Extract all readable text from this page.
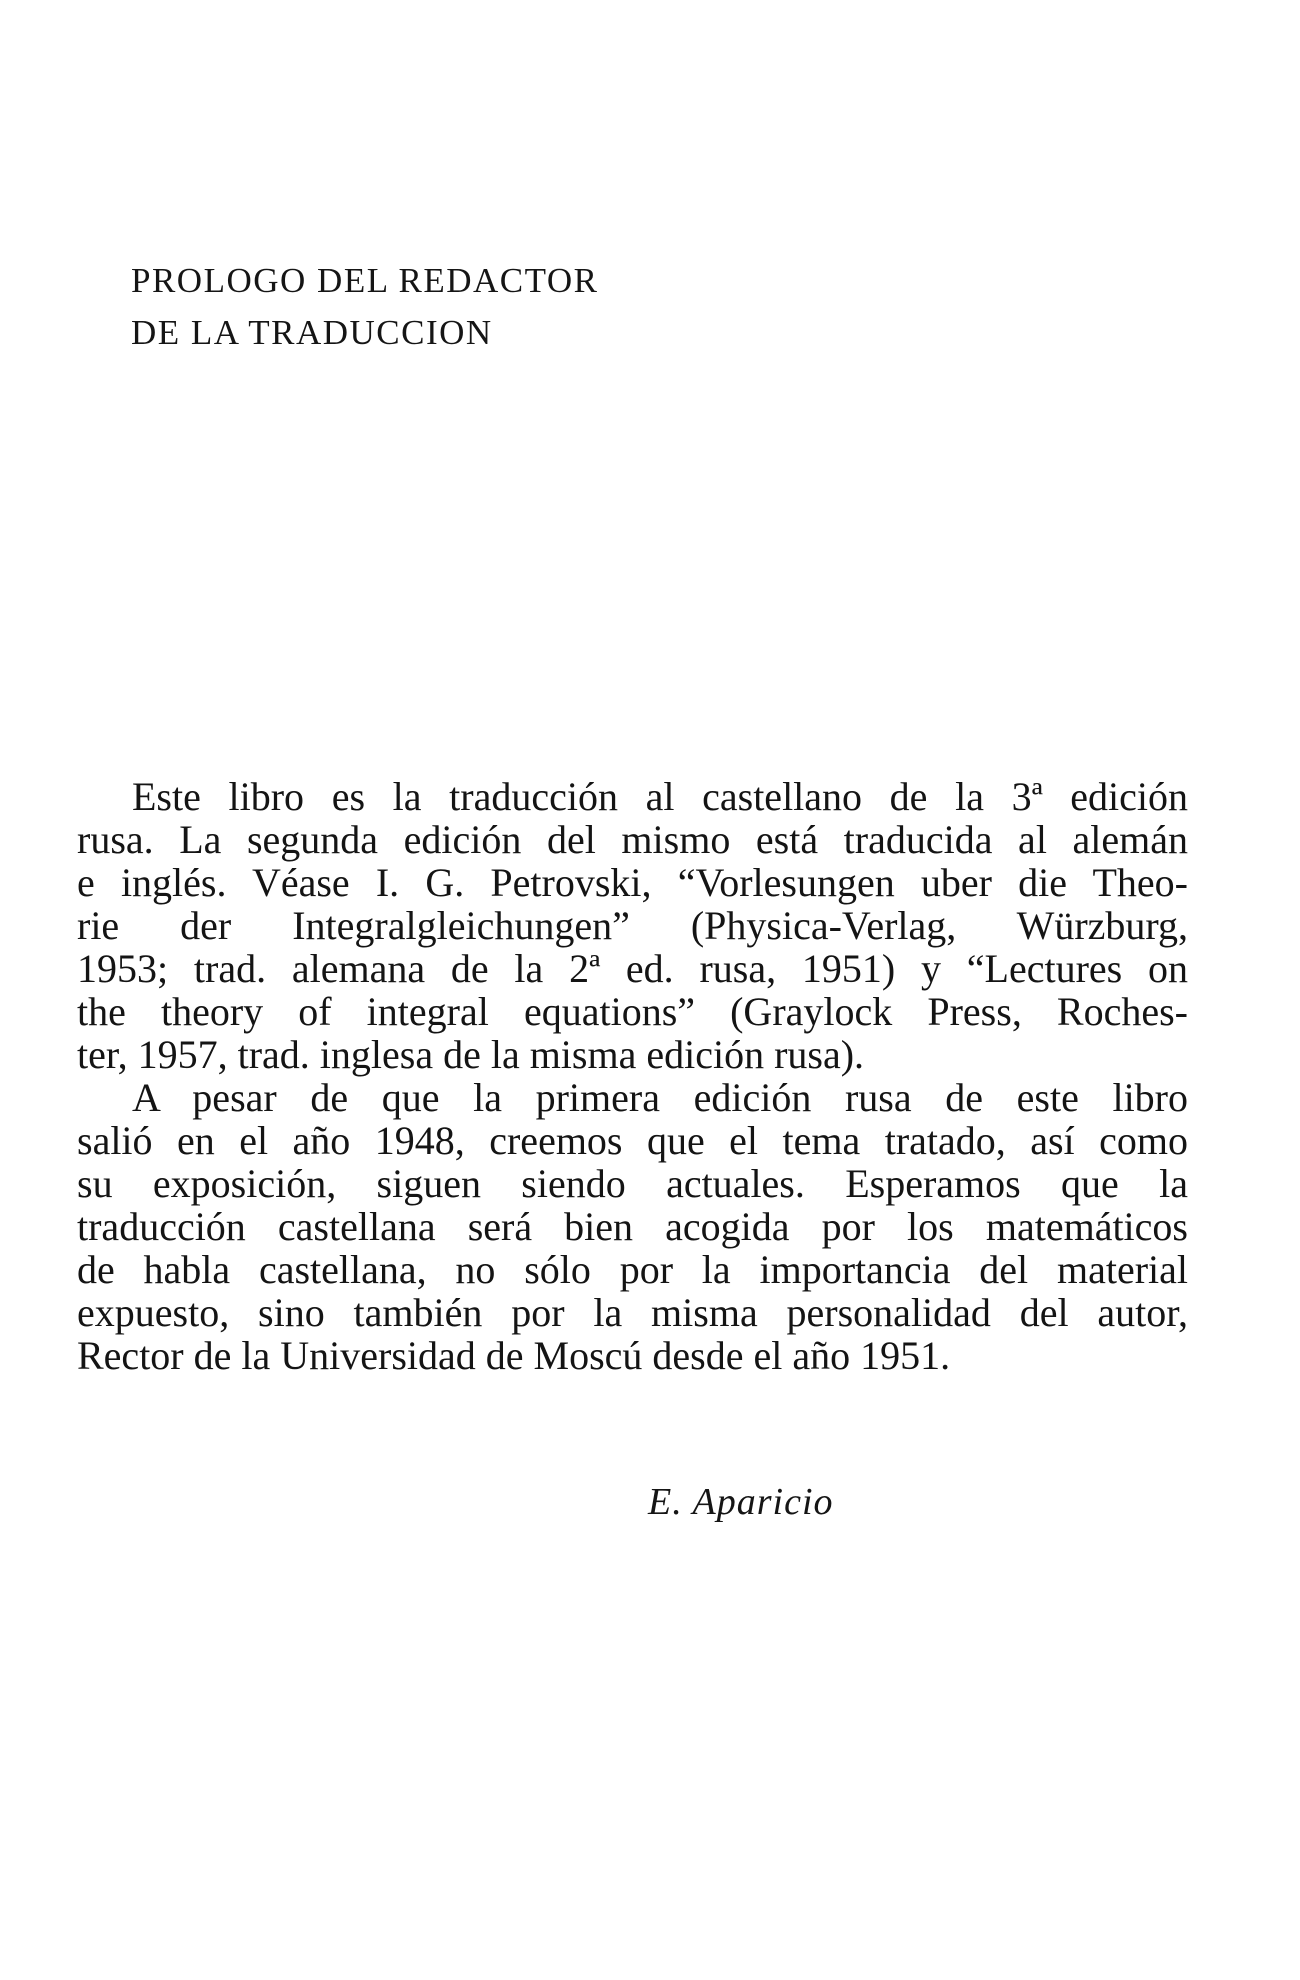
PROLOGO DEL REDACTOR
DE LA TRADUCCION
Este libro es la traducción al castellano de la 3ª edición
rusa. La segunda edición del mismo está traducida al alemán
e inglés. Véase I. G. Petrovski, “Vorlesungen uber die Theo-
rie der Integralgleichungen” (Physica-Verlag, Würzburg,
1953; trad. alemana de la 2ª ed. rusa, 1951) y “Lectures on
the theory of integral equations” (Graylock Press, Roches-
ter, 1957, trad. inglesa de la misma edición rusa).
A pesar de que la primera edición rusa de este libro
salió en el año 1948, creemos que el tema tratado, así como
su exposición, siguen siendo actuales. Esperamos que la
traducción castellana será bien acogida por los matemáticos
de habla castellana, no sólo por la importancia del material
expuesto, sino también por la misma personalidad del autor,
Rector de la Universidad de Moscú desde el año 1951.
E. Aparicio
